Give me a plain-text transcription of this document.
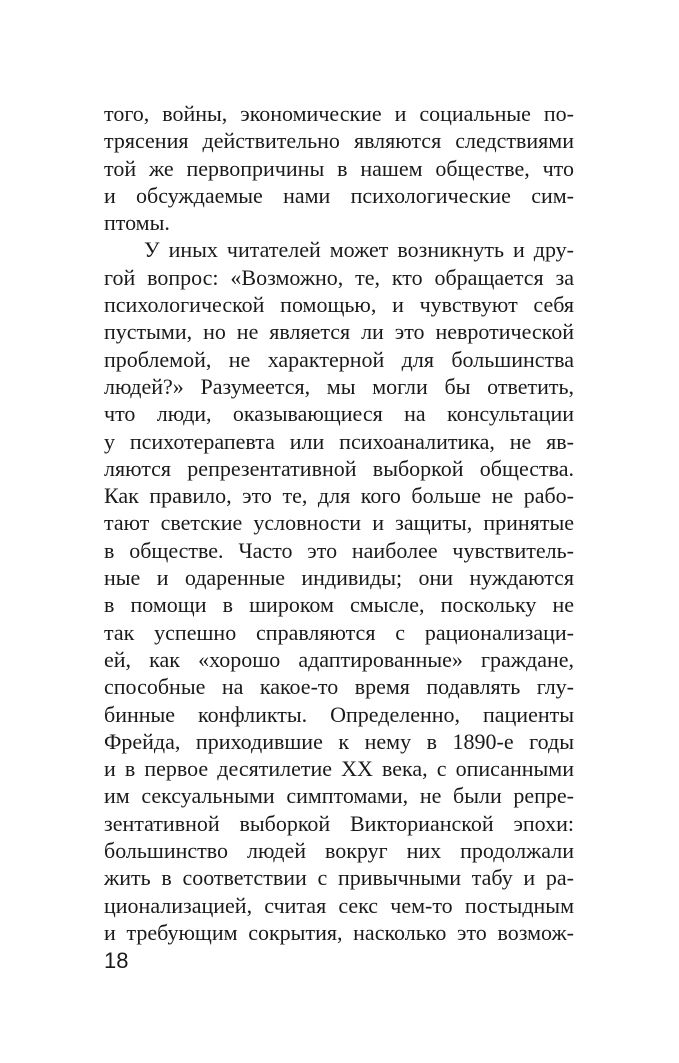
того, войны, экономические и социальные по-
трясения действительно являются следствиями
той же первопричины в нашем обществе, что
и обсуждаемые нами психологические сим-
птомы.
У иных читателей может возникнуть и дру-
гой вопрос: «Возможно, те, кто обращается за
психологической помощью, и чувствуют себя
пустыми, но не является ли это невротической
проблемой, не характерной для большинства
людей?» Разумеется, мы могли бы ответить,
что люди, оказывающиеся на консультации
у психотерапевта или психоаналитика, не яв-
ляются репрезентативной выборкой общества.
Как правило, это те, для кого больше не рабо-
тают светские условности и защиты, принятые
в обществе. Часто это наиболее чувствитель-
ные и одаренные индивиды; они нуждаются
в помощи в широком смысле, поскольку не
так успешно справляются с рационализаци-
ей, как «хорошо адаптированные» граждане,
способные на какое-то время подавлять глу-
бинные конфликты. Определенно, пациенты
Фрейда, приходившие к нему в 1890-е годы
и в первое десятилетие XX века, с описанными
им сексуальными симптомами, не были репре-
зентативной выборкой Викторианской эпохи:
большинство людей вокруг них продолжали
жить в соответствии с привычными табу и ра-
ционализацией, считая секс чем-то постыдным
и требующим сокрытия, насколько это возмож-
18
